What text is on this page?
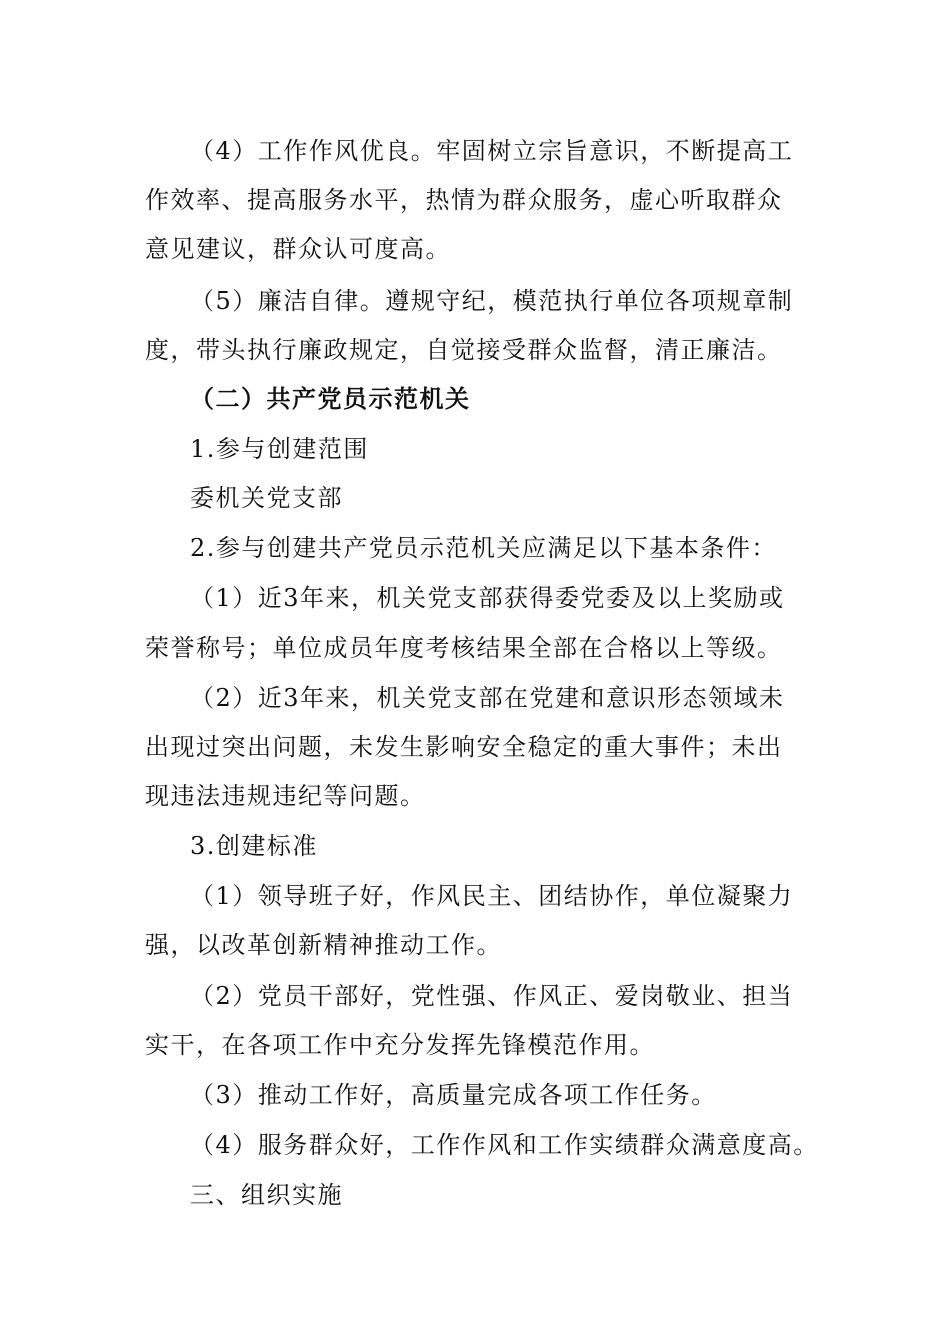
（4）工作作风优良。牢固树立宗旨意识，不断提高工
作效率、提高服务水平，热情为群众服务，虚心听取群众
意见建议，群众认可度高。
（5）廉洁自律。遵规守纪，模范执行单位各项规章制
度，带头执行廉政规定，自觉接受群众监督，清正廉洁。
（二）共产党员示范机关
1.参与创建范围
委机关党支部
2.参与创建共产党员示范机关应满足以下基本条件：
（1）近3年来，机关党支部获得委党委及以上奖励或
荣誉称号；单位成员年度考核结果全部在合格以上等级。
（2）近3年来，机关党支部在党建和意识形态领域未
出现过突出问题，未发生影响安全稳定的重大事件；未出
现违法违规违纪等问题。
3.创建标准
（1）领导班子好，作风民主、团结协作，单位凝聚力
强，以改革创新精神推动工作。
（2）党员干部好，党性强、作风正、爱岗敬业、担当
实干，在各项工作中充分发挥先锋模范作用。
（3）推动工作好，高质量完成各项工作任务。
（4）服务群众好，工作作风和工作实绩群众满意度高。
三、组织实施
